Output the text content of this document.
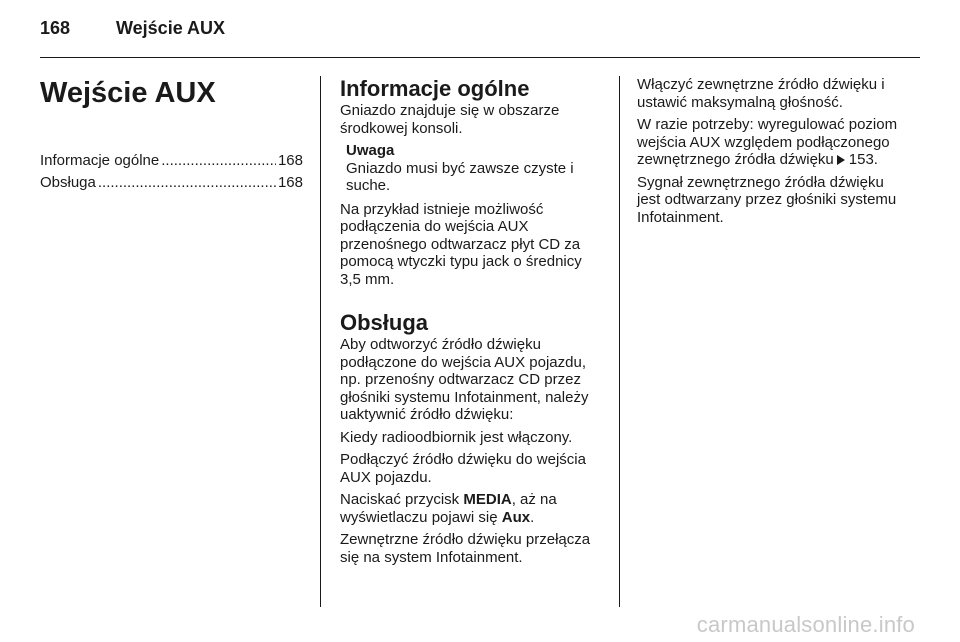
168	Wejście AUX
Wejście AUX
Informacje ogólne .....	168
Obsługa .....	168
Informacje ogólne

Gniazdo znajduje się w obszarze środkowej konsoli.

Uwaga
Gniazdo musi być zawsze czyste i suche.

Na przykład istnieje możliwość podłączenia do wejścia AUX przenośnego odtwarzacz płyt CD za pomocą wtyczki typu jack o średnicy 3,5 mm.

Obsługa

Aby odtworzyć źródło dźwięku podłączone do wejścia AUX pojazdu, np. przenośny odtwarzacz CD przez głośniki systemu Infotainment, należy uaktywnić źródło dźwięku:

Kiedy radioodbiornik jest włączony.

Podłączyć źródło dźwięku do wejścia AUX pojazdu.

Naciskać przycisk MEDIA, aż na wyświetlaczu pojawi się Aux.

Zewnętrzne źródło dźwięku przełącza się na system Infotainment.

Włączyć zewnętrzne źródło dźwięku i ustawić maksymalną głośność.

W razie potrzeby: wyregulować poziom wejścia AUX względem podłączonego zewnętrznego źródła dźwięku 153.

Sygnał zewnętrznego źródła dźwięku jest odtwarzany przez głośniki systemu Infotainment.

carmanualsonline.info
